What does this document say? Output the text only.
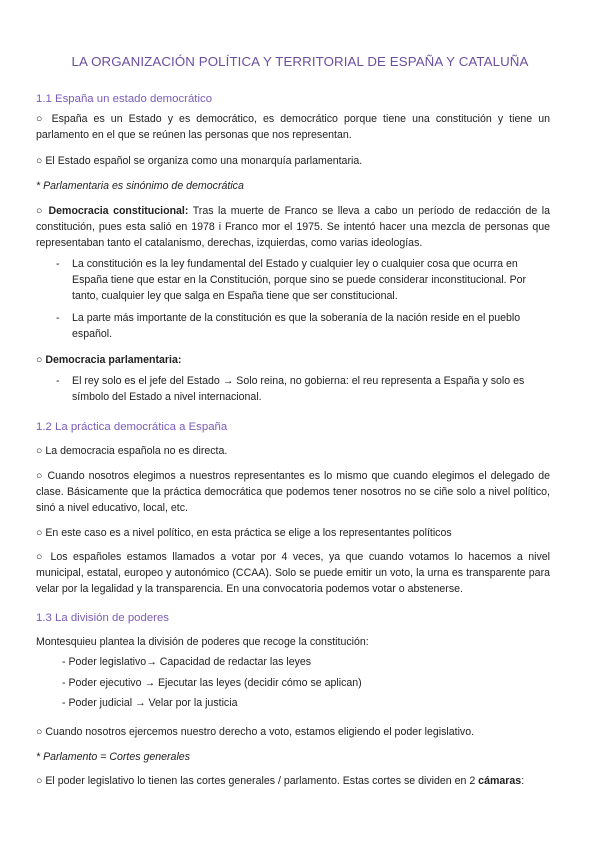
LA ORGANIZACIÓN POLÍTICA Y TERRITORIAL DE ESPAÑA Y CATALUÑA
1.1 España un estado democrático
○ España es un Estado y es democrático, es democrático porque tiene una constitución y tiene un parlamento en el que se reúnen las personas que nos representan.
○ El Estado español se organiza como una monarquía parlamentaria.
* Parlamentaria es sinónimo de democrática
○ Democracia constitucional: Tras la muerte de Franco se lleva a cabo un período de redacción de la constitución, pues esta salió en 1978 i Franco mor el 1975. Se intentó hacer una mezcla de personas que representaban tanto el catalanismo, derechas, izquierdas, como varias ideologías.
-	La constitución es la ley fundamental del Estado y cualquier ley o cualquier cosa que ocurra en España tiene que estar en la Constitución, porque sino se puede considerar inconstitucional. Por tanto, cualquier ley que salga en España tiene que ser constitucional.
-	La parte más importante de la constitución es que la soberanía de la nación reside en el pueblo español.
○ Democracia parlamentaria:
-	El rey solo es el jefe del Estado → Solo reina, no gobierna: el reu representa a España y solo es símbolo del Estado a nivel internacional.
1.2 La práctica democrática a España
○ La democracia española no es directa.
○ Cuando nosotros elegimos a nuestros representantes es lo mismo que cuando elegimos el delegado de clase. Básicamente que la práctica democrática que podemos tener nosotros no se ciñe solo a nivel político, sinó a nivel educativo, local, etc.
○ En este caso es a nivel político, en esta práctica se elige a los representantes políticos
○ Los españoles estamos llamados a votar por 4 veces, ya que cuando votamos lo hacemos a nivel municipal, estatal, europeo y autonómico (CCAA). Solo se puede emitir un voto, la urna es transparente para velar por la legalidad y la transparencia. En una convocatoria podemos votar o abstenerse.
1.3 La división de poderes
Montesquieu plantea la división de poderes que recoge la constitución:
- Poder legislativo→ Capacidad de redactar las leyes
- Poder ejecutivo → Ejecutar las leyes (decidir cómo se aplican)
- Poder judicial → Velar por la justicia
○ Cuando nosotros ejercemos nuestro derecho a voto, estamos eligiendo el poder legislativo.
* Parlamento = Cortes generales
○ El poder legislativo lo tienen las cortes generales / parlamento. Estas cortes se dividen en 2 cámaras:
